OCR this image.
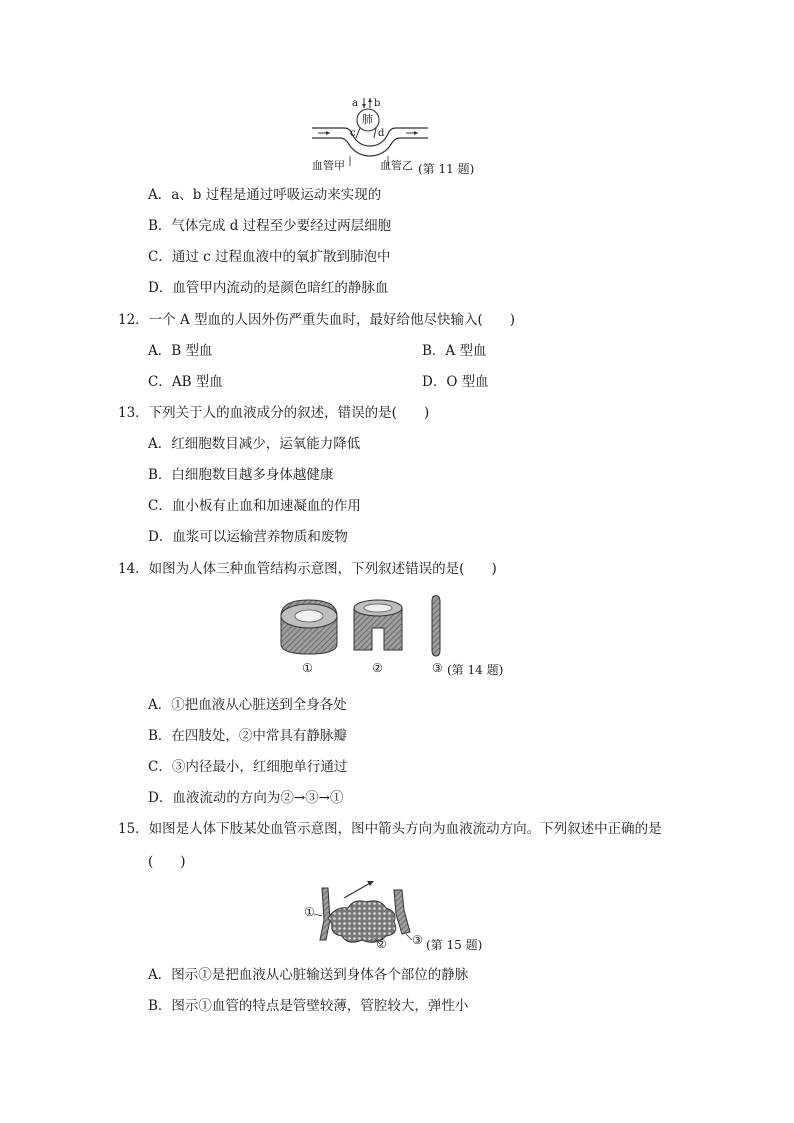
a b
c d
肺
血管甲	血管乙 (第 11 题)
A．a、b 过程是通过呼吸运动来实现的
B．气体完成 d 过程至少要经过两层细胞
C．通过 c 过程血液中的氧扩散到肺泡中
D．血管甲内流动的是颜色暗红的静脉血
12．一个 A 型血的人因外伤严重失血时，最好给他尽快输入(　　)
A．B 型血	B．A 型血
C．AB 型血	D．O 型血
13．下列关于人的血液成分的叙述，错误的是(　　)
A．红细胞数目减少，运氧能力降低
B．白细胞数目越多身体越健康
C．血小板有止血和加速凝血的作用
D．血浆可以运输营养物质和废物
14．如图为人体三种血管结构示意图，下列叙述错误的是(　　)
①	②	③ (第 14 题)
A．①把血液从心脏送到全身各处
B．在四肢处，②中常具有静脉瓣
C．③内径最小，红细胞单行通过
D．血液流动的方向为②→③→①
15．如图是人体下肢某处血管示意图，图中箭头方向为血液流动方向。下列叙述中正确的是
(　　)
①
② ③ (第 15 题)
A．图示①是把血液从心脏输送到身体各个部位的静脉
B．图示①血管的特点是管壁较薄，管腔较大，弹性小
